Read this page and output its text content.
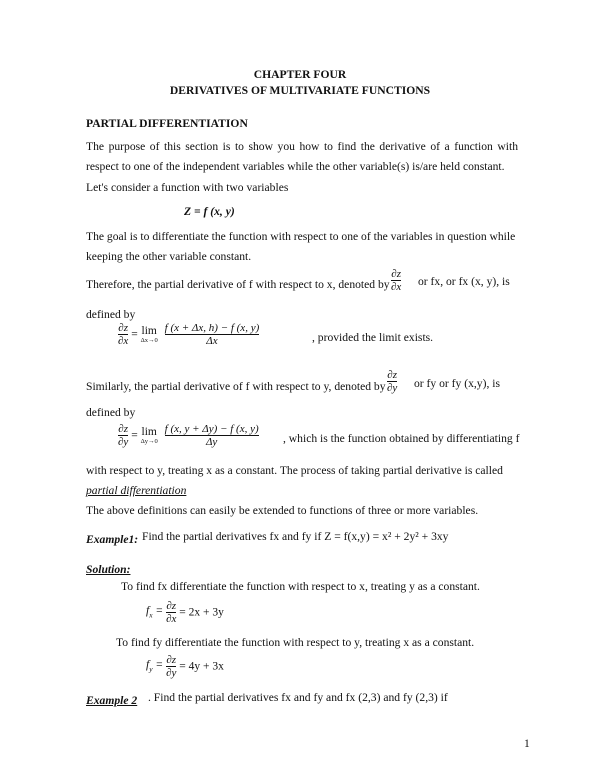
CHAPTER FOUR
DERIVATIVES OF MULTIVARIATE FUNCTIONS
PARTIAL DIFFERENTIATION
The purpose of this section is to show you how to find the derivative of a function with
respect to one of the independent variables while the other variable(s) is/are held constant.
Let's consider a function with two variables
Z = f (x, y)
The goal is to differentiate the function with respect to one of the variables in question while
keeping the other variable constant.
Therefore, the partial derivative of f with respect to x, denoted by $\frac{\partial z}{\partial x}$ or fx, or fx (x, y), is
defined by
$\frac{\partial z}{\partial x} = \lim$
Δx→0
$\frac{f (x + \Delta x, h) - f (x, y)}{\Delta x}$	, provided the limit exists.
Similarly, the partial derivative of f with respect to y, denoted by $\frac{\partial z}{\partial y}$ or fy or fy (x,y), is
defined by
$\frac{\partial z}{\partial y} = \lim$
Δy→0
$\frac{f (x, y + \Delta y) - f (x, y)}{\Delta y}$ , which is the function obtained by differentiating f
with respect to y, treating x as a constant. The process of taking partial derivative is called
partial differentiation
The above definitions can easily be extended to functions of three or more variables.
Example1: Find the partial derivatives fx and fy if Z = f(x,y) = x² + 2y² + 3xy
Solution:
To find fx differentiate the function with respect to x, treating y as a constant.
$f_x = \frac{\partial z}{\partial x} = 2x + 3y$
To find fy differentiate the function with respect to y, treating x as a constant.
$f_y = \frac{\partial z}{\partial y} = 4y + 3x$
Example 2 . Find the partial derivatives fx and fy and fx (2,3) and fy (2,3) if
1
